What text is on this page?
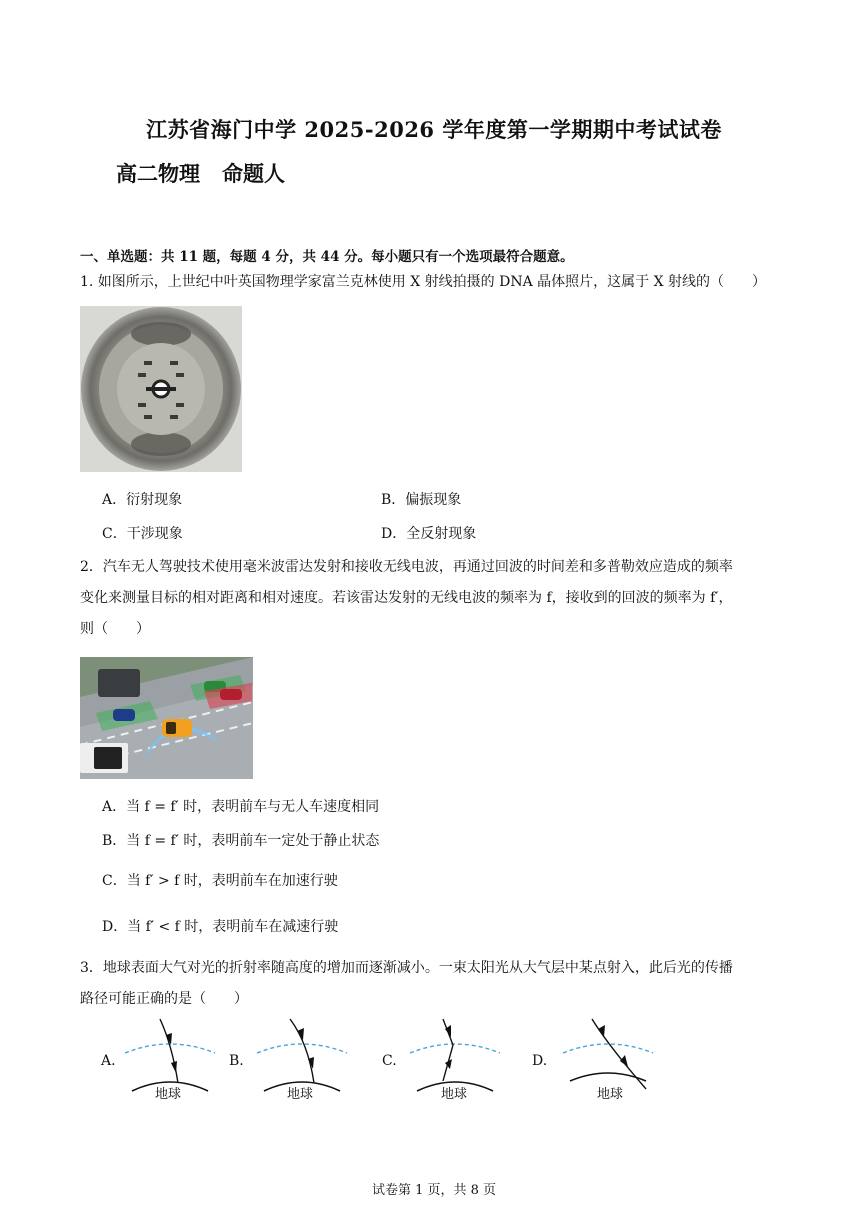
江苏省海门中学 2025-2026 学年度第一学期期中考试试卷
高二物理 命题人
一、单选题：共 11 题，每题 4 分，共 44 分。每小题只有一个选项最符合题意。
1. 如图所示，上世纪中叶英国物理学家富兰克林使用 X 射线拍摄的 DNA 晶体照片，这属于 X 射线的（　　）
A．衍射现象	B．偏振现象
C．干涉现象	D．全反射现象
2．汽车无人驾驶技术使用毫米波雷达发射和接收无线电波，再通过回波的时间差和多普勒效应造成的频率
变化来测量目标的相对距离和相对速度。若该雷达发射的无线电波的频率为 f，接收到的回波的频率为 f′，
则（　　）
A．当 f = f′ 时，表明前车与无人车速度相同
B．当 f = f′ 时，表明前车一定处于静止状态
C．当 f′ > f 时，表明前车在加速行驶
D．当 f′ < f 时，表明前车在减速行驶
3．地球表面大气对光的折射率随高度的增加而逐渐减小。一束太阳光从大气层中某点射入，此后光的传播
路径可能正确的是（　　）
A.
地球
B.
地球
C.
地球
D.
地球
试卷第 1 页，共 8 页
